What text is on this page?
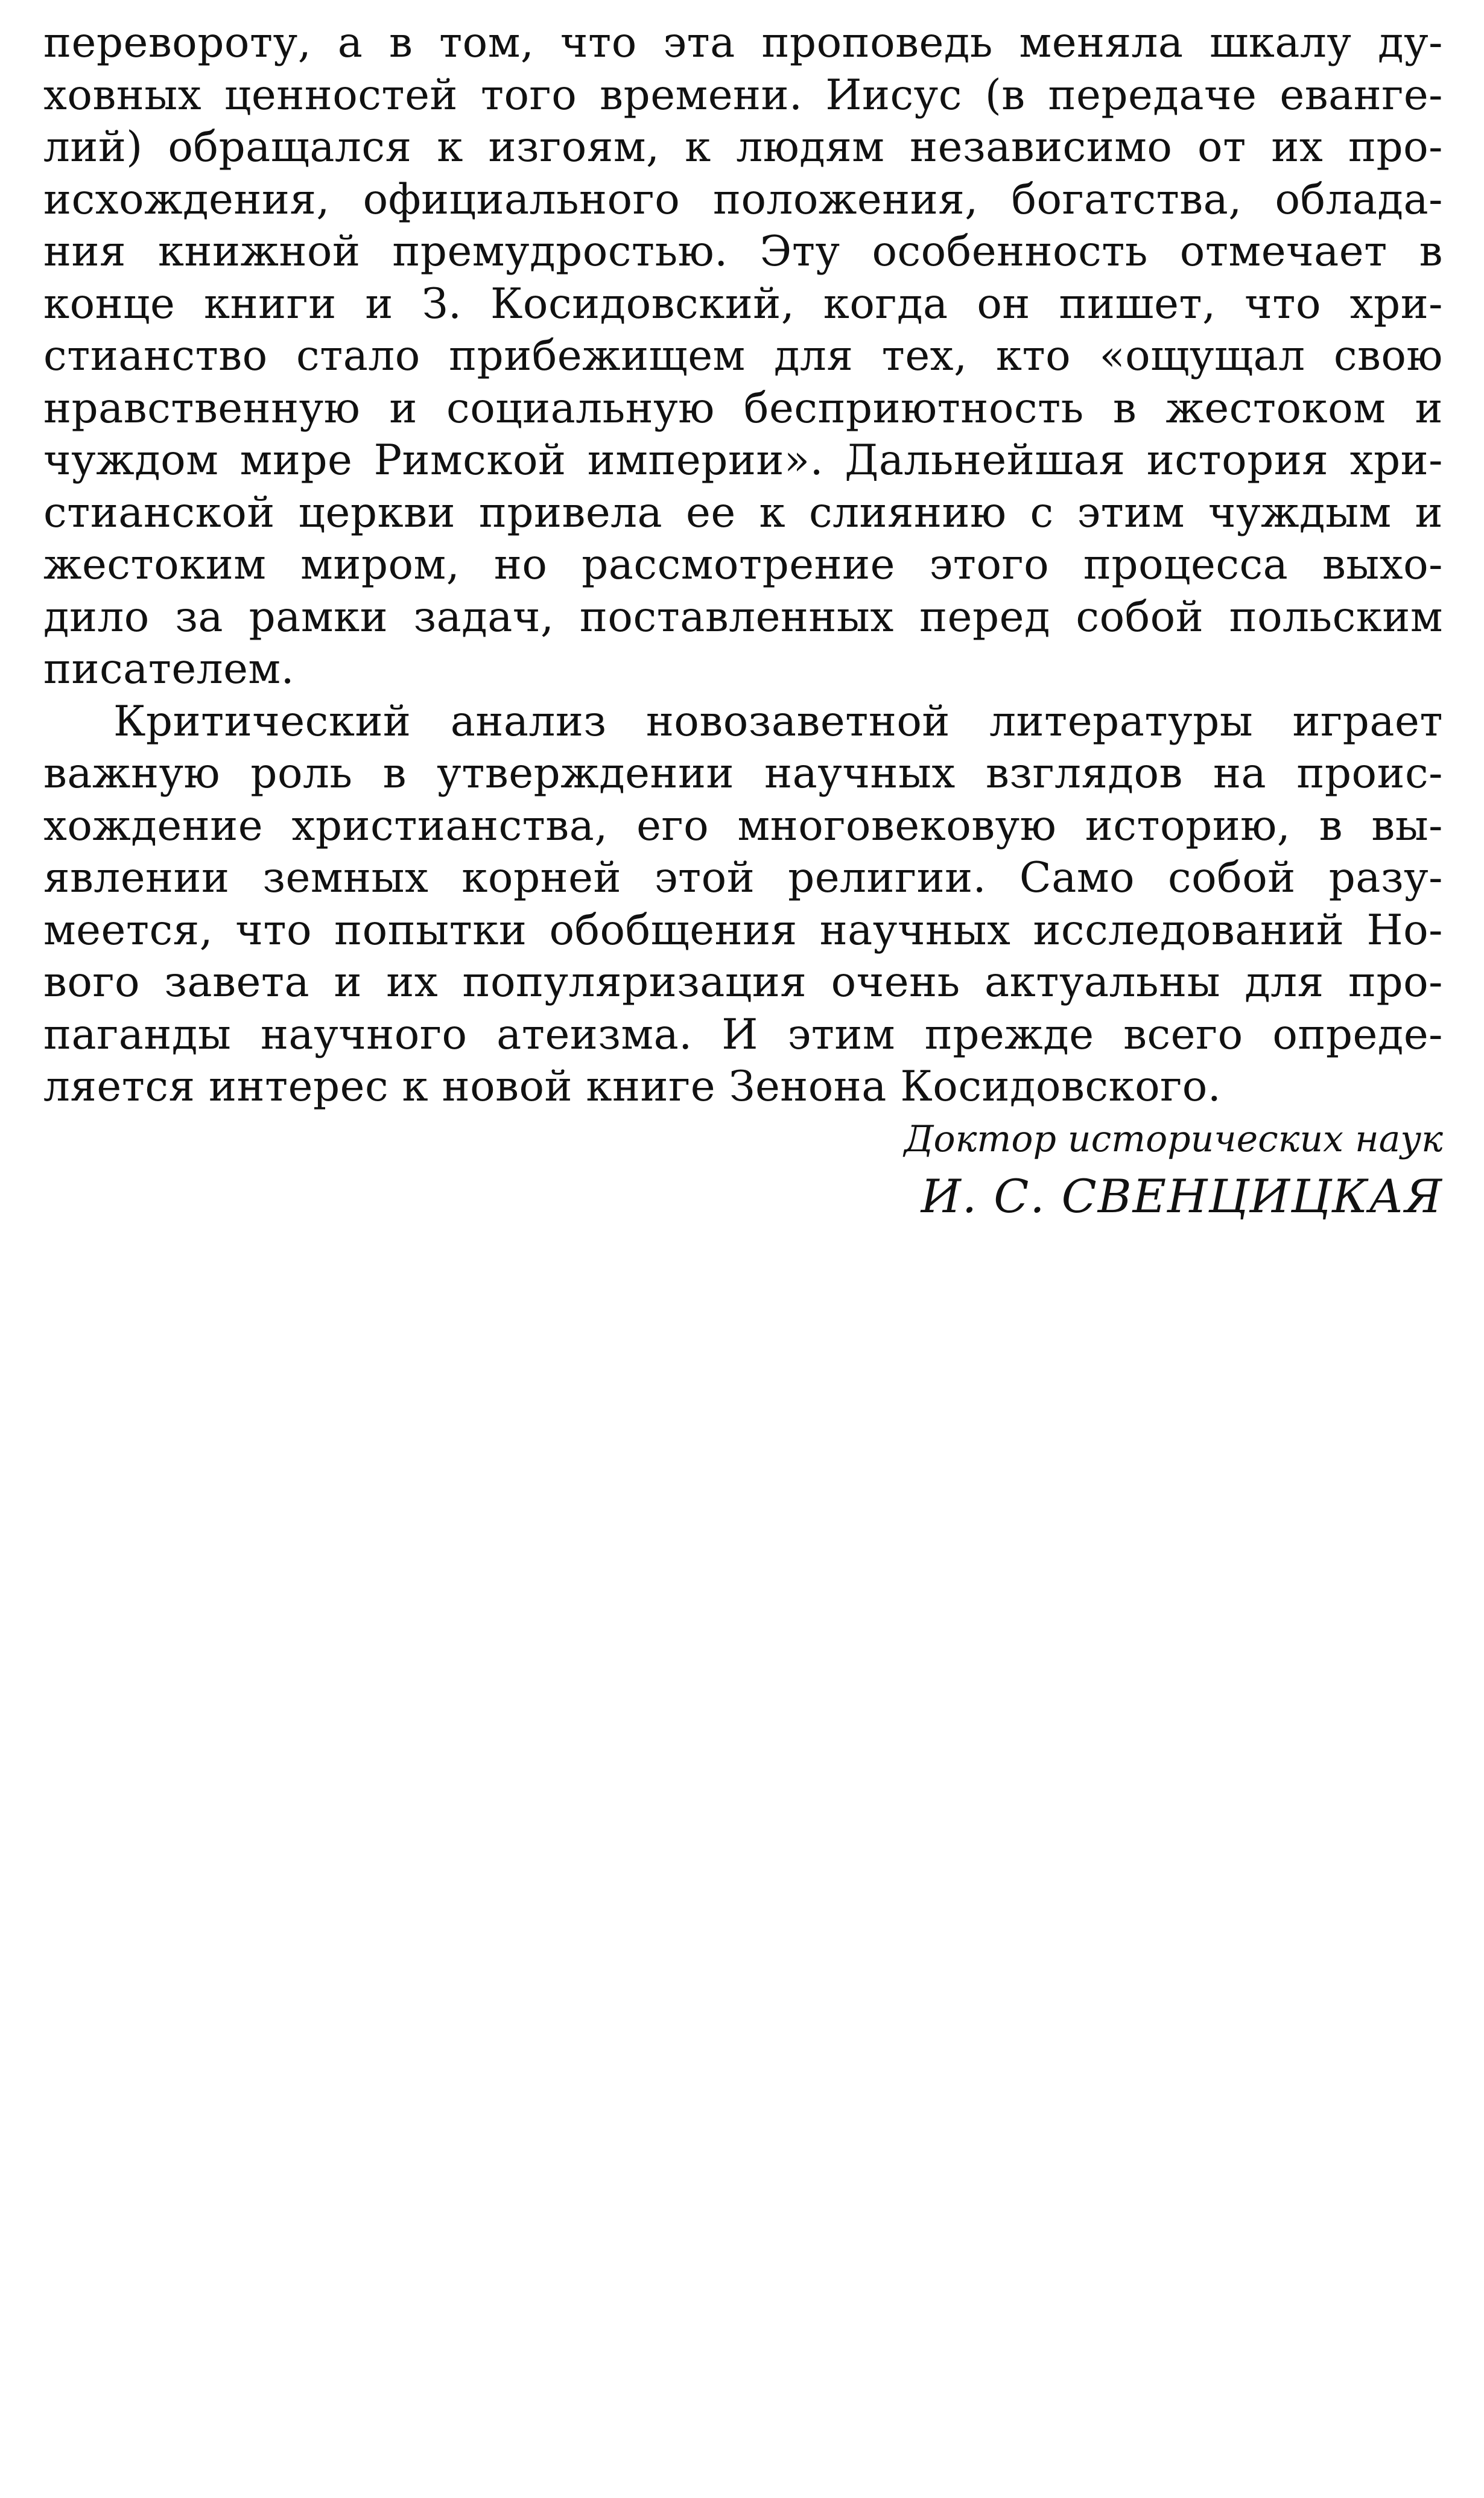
перевороту, а в том, что эта проповедь меняла шкалу ду-
ховных ценностей того времени. Иисус (в передаче еванге-
лий) обращался к изгоям, к людям независимо от их про-
исхождения, официального положения, богатства, облада-
ния книжной премудростью. Эту особенность отмечает в
конце книги и З. Косидовский, когда он пишет, что хри-
стианство стало прибежищем для тех, кто «ощущал свою
нравственную и социальную бесприютность в жестоком и
чуждом мире Римской империи». Дальнейшая история хри-
стианской церкви привела ее к слиянию с этим чуждым и
жестоким миром, но рассмотрение этого процесса выхо-
дило за рамки задач, поставленных перед собой польским
писателем.
Критический анализ новозаветной литературы играет
важную роль в утверждении научных взглядов на проис-
хождение христианства, его многовековую историю, в вы-
явлении земных корней этой религии. Само собой разу-
меется, что попытки обобщения научных исследований Но-
вого завета и их популяризация очень актуальны для про-
паганды научного атеизма. И этим прежде всего опреде-
ляется интерес к новой книге Зенона Косидовского.
Доктор исторических наук
И. С. СВЕНЦИЦКАЯ
